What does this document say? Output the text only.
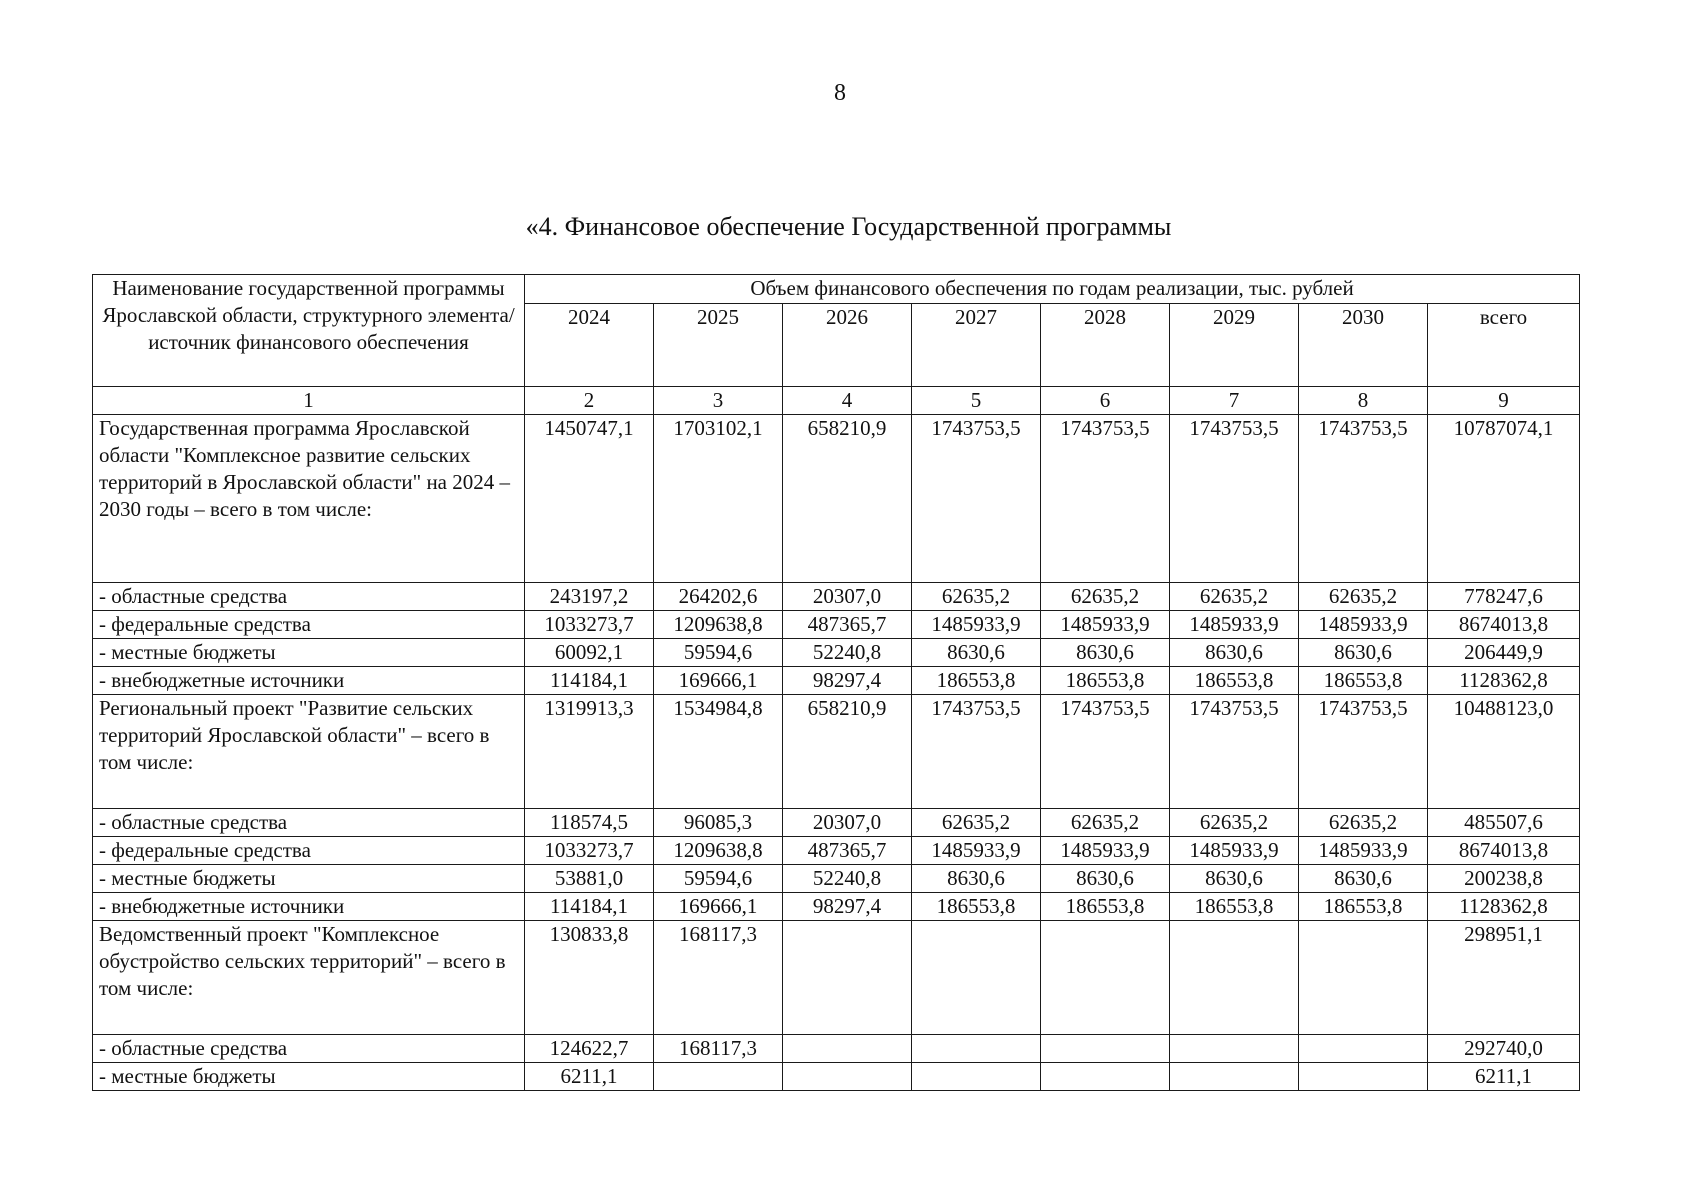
8
«4. Финансовое обеспечение Государственной программы
Наименование государственной программы Ярославской области, структурного элемента/ источник финансового обеспечения	Объем финансового обеспечения по годам реализации, тыс. рублей							
	2024	2025	2026	2027	2028	2029	2030	всего
1	2	3	4	5	6	7	8	9
Государственная программа Ярославской области "Комплексное развитие сельских территорий в Ярославской области" на 2024 – 2030 годы – всего в том числе:	1450747,1	1703102,1	658210,9	1743753,5	1743753,5	1743753,5	1743753,5	10787074,1
- областные средства	243197,2	264202,6	20307,0	62635,2	62635,2	62635,2	62635,2	778247,6
- федеральные средства	1033273,7	1209638,8	487365,7	1485933,9	1485933,9	1485933,9	1485933,9	8674013,8
- местные бюджеты	60092,1	59594,6	52240,8	8630,6	8630,6	8630,6	8630,6	206449,9
- внебюджетные источники	114184,1	169666,1	98297,4	186553,8	186553,8	186553,8	186553,8	1128362,8
Региональный проект "Развитие сельских территорий Ярославской области" – всего в том числе:	1319913,3	1534984,8	658210,9	1743753,5	1743753,5	1743753,5	1743753,5	10488123,0
- областные средства	118574,5	96085,3	20307,0	62635,2	62635,2	62635,2	62635,2	485507,6
- федеральные средства	1033273,7	1209638,8	487365,7	1485933,9	1485933,9	1485933,9	1485933,9	8674013,8
- местные бюджеты	53881,0	59594,6	52240,8	8630,6	8630,6	8630,6	8630,6	200238,8
- внебюджетные источники	114184,1	169666,1	98297,4	186553,8	186553,8	186553,8	186553,8	1128362,8
Ведомственный проект "Комплексное обустройство сельских территорий" – всего в том числе:	130833,8	168117,3						298951,1
- областные средства	124622,7	168117,3						292740,0
- местные бюджеты	6211,1							6211,1
